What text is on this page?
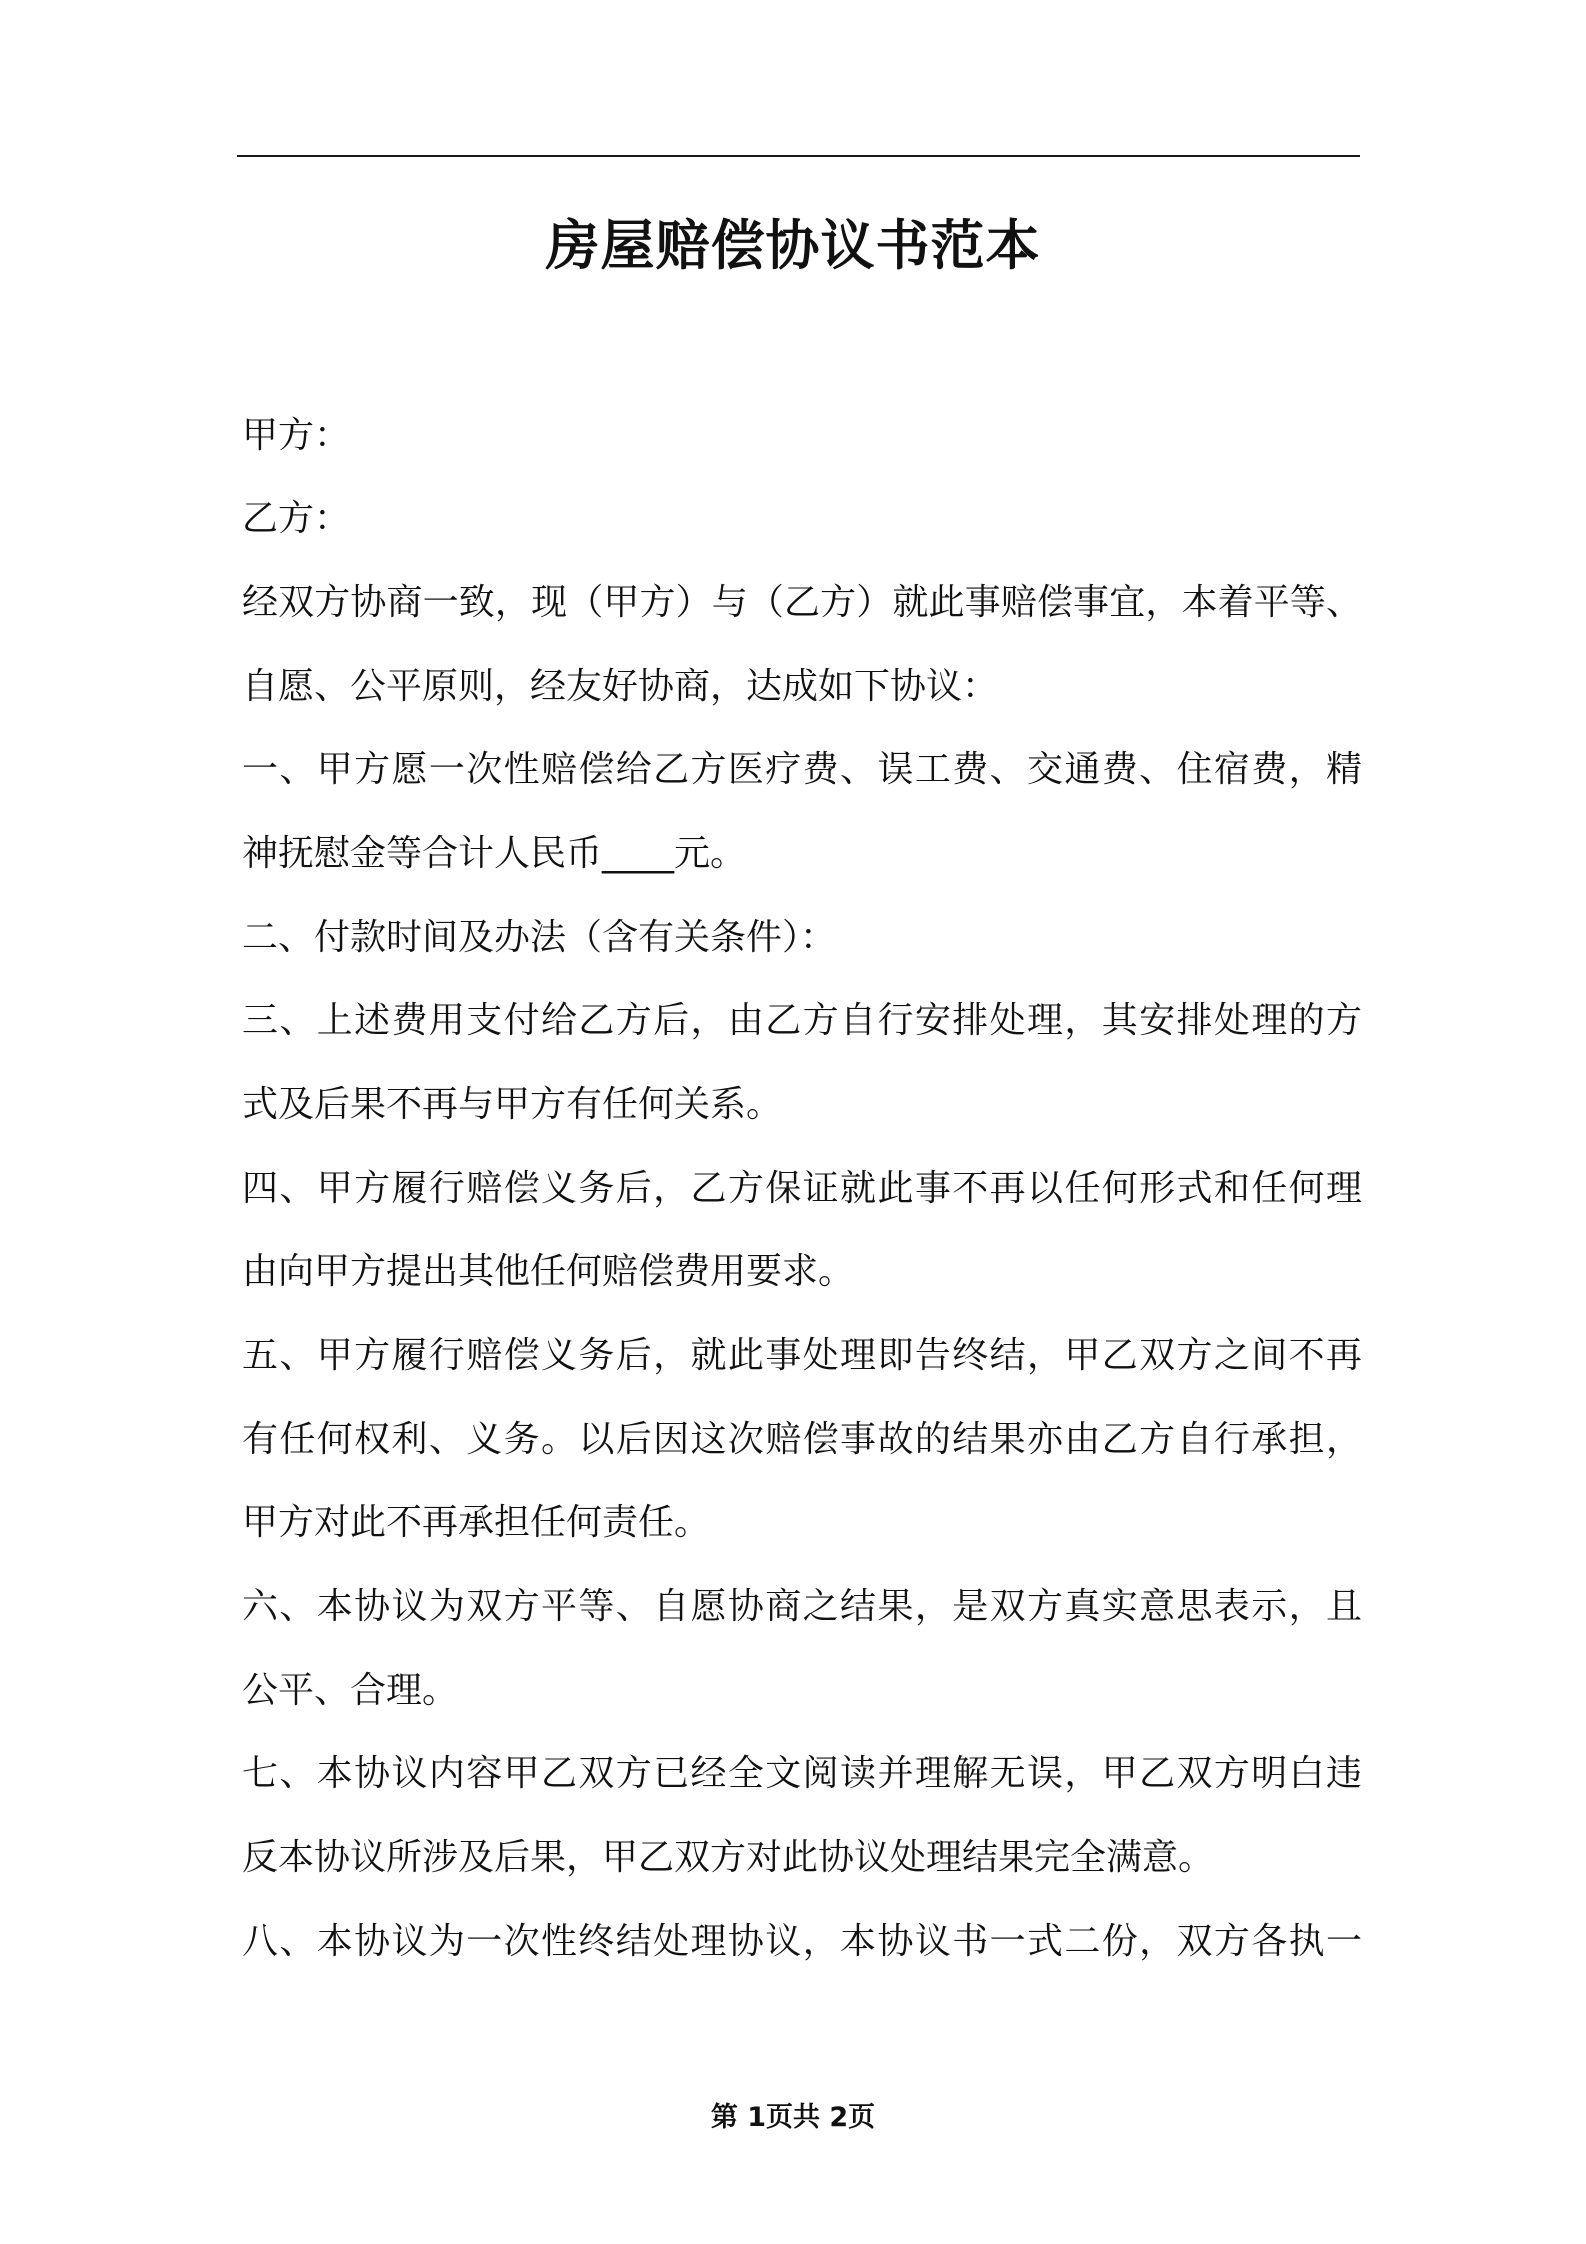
房屋赔偿协议书范本

甲方：

乙方：

经双方协商一致，现（甲方）与（乙方）就此事赔偿事宜，本着平等、

自愿、公平原则，经友好协商，达成如下协议：

一、甲方愿一次性赔偿给乙方医疗费、误工费、交通费、住宿费，精

神抚慰金等合计人民币____元。

二、付款时间及办法（含有关条件）：

三、上述费用支付给乙方后，由乙方自行安排处理，其安排处理的方

式及后果不再与甲方有任何关系。

四、甲方履行赔偿义务后，乙方保证就此事不再以任何形式和任何理

由向甲方提出其他任何赔偿费用要求。

五、甲方履行赔偿义务后，就此事处理即告终结，甲乙双方之间不再

有任何权利、义务。以后因这次赔偿事故的结果亦由乙方自行承担，

甲方对此不再承担任何责任。

六、本协议为双方平等、自愿协商之结果，是双方真实意思表示，且

公平、合理。

七、本协议内容甲乙双方已经全文阅读并理解无误，甲乙双方明白违

反本协议所涉及后果，甲乙双方对此协议处理结果完全满意。

八、本协议为一次性终结处理协议，本协议书一式二份，双方各执一

第 1页共 2页
